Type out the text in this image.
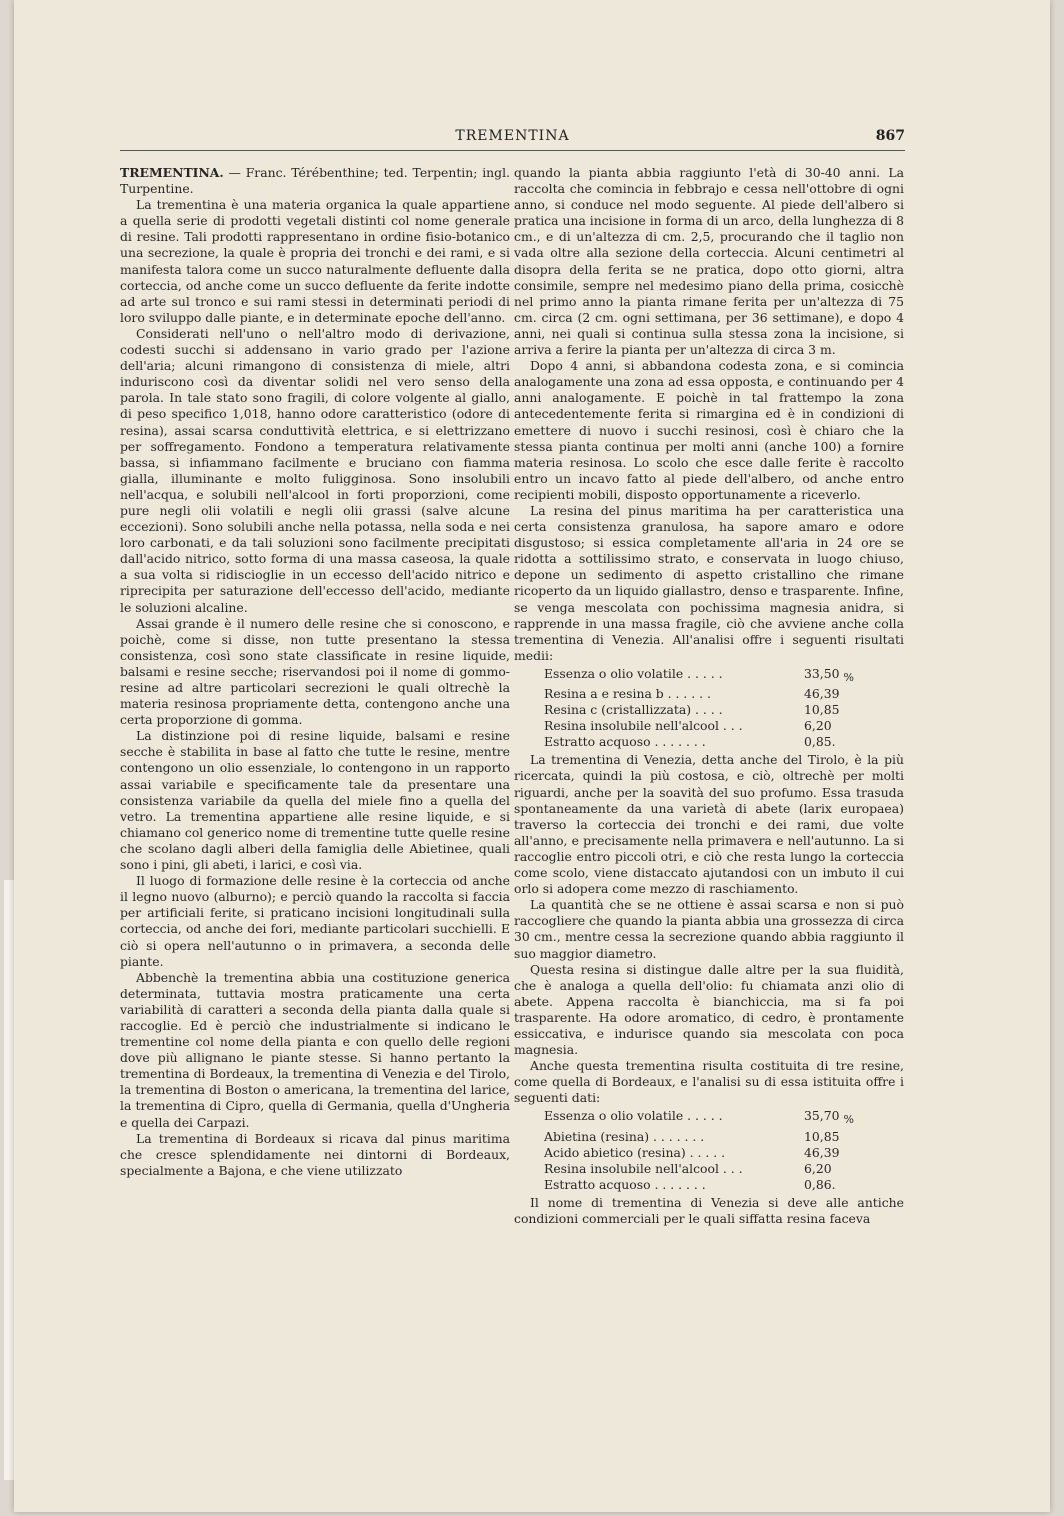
TREMENTINA	867

TREMENTINA. — Franc. Térébenthine; ted. Terpentin; ingl. Turpentine.

La trementina è una materia organica la quale appartiene a quella serie di prodotti vegetali distinti col nome generale di resine. Tali prodotti rappresentano in ordine fisio-botanico una secrezione, la quale è propria dei tronchi e dei rami, e si manifesta talora come un succo naturalmente defluente dalla corteccia, od anche come un succo defluente da ferite indotte ad arte sul tronco e sui rami stessi in determinati periodi di loro sviluppo dalle piante, e in determinate epoche dell'anno.

Considerati nell'uno o nell'altro modo di derivazione, codesti succhi si addensano in vario grado per l'azione dell'aria; alcuni rimangono di consistenza di miele, altri induriscono così da diventar solidi nel vero senso della parola. In tale stato sono fragili, di colore volgente al giallo, di peso specifico 1,018, hanno odore caratteristico (odore di resina), assai scarsa conduttività elettrica, e si elettrizzano per soffregamento. Fondono a temperatura relativamente bassa, si infiammano facilmente e bruciano con fiamma gialla, illuminante e molto fuligginosa. Sono insolubili nell'acqua, e solubili nell'alcool in forti proporzioni, come pure negli olii volatili e negli olii grassi (salve alcune eccezioni). Sono solubili anche nella potassa, nella soda e nei loro carbonati, e da tali soluzioni sono facilmente precipitati dall'acido nitrico, sotto forma di una massa caseosa, la quale a sua volta si ridiscioglie in un eccesso dell'acido nitrico e riprecipita per saturazione dell'eccesso dell'acido, mediante le soluzioni alcaline.

Assai grande è il numero delle resine che si conoscono, e poichè, come si disse, non tutte presentano la stessa consistenza, così sono state classificate in resine liquide, balsami e resine secche; riservandosi poi il nome di gommo-resine ad altre particolari secrezioni le quali oltrechè la materia resinosa propriamente detta, contengono anche una certa proporzione di gomma.

La distinzione poi di resine liquide, balsami e resine secche è stabilita in base al fatto che tutte le resine, mentre contengono un olio essenziale, lo contengono in un rapporto assai variabile e specificamente tale da presentare una consistenza variabile da quella del miele fino a quella del vetro. La trementina appartiene alle resine liquide, e si chiamano col generico nome di trementine tutte quelle resine che scolano dagli alberi della famiglia delle Abietinee, quali sono i pini, gli abeti, i larici, e così via.

Il luogo di formazione delle resine è la corteccia od anche il legno nuovo (alburno); e perciò quando la raccolta si faccia per artificiali ferite, si praticano incisioni longitudinali sulla corteccia, od anche dei fori, mediante particolari succhielli. E ciò si opera nell'autunno o in primavera, a seconda delle piante.

Abbenchè la trementina abbia una costituzione generica determinata, tuttavia mostra praticamente una certa variabilità di caratteri a seconda della pianta dalla quale si raccoglie. Ed è perciò che industrialmente si indicano le trementine col nome della pianta e con quello delle regioni dove più allignano le piante stesse. Si hanno pertanto la trementina di Bordeaux, la trementina di Venezia e del Tirolo, la trementina di Boston o americana, la trementina del larice, la trementina di Cipro, quella di Germania, quella d'Ungheria e quella dei Carpazi.

La trementina di Bordeaux si ricava dal pinus maritima che cresce splendidamente nei dintorni di Bordeaux, specialmente a Bajona, e che viene utilizzato

quando la pianta abbia raggiunto l'età di 30-40 anni. La raccolta che comincia in febbrajo e cessa nell'ottobre di ogni anno, si conduce nel modo seguente. Al piede dell'albero si pratica una incisione in forma di un arco, della lunghezza di 8 cm., e di un'altezza di cm. 2,5, procurando che il taglio non vada oltre alla sezione della corteccia. Alcuni centimetri al disopra della ferita se ne pratica, dopo otto giorni, altra consimile, sempre nel medesimo piano della prima, cosicchè nel primo anno la pianta rimane ferita per un'altezza di 75 cm. circa (2 cm. ogni settimana, per 36 settimane), e dopo 4 anni, nei quali si continua sulla stessa zona la incisione, si arriva a ferire la pianta per un'altezza di circa 3 m.

Dopo 4 anni, si abbandona codesta zona, e si comincia analogamente una zona ad essa opposta, e continuando per 4 anni analogamente. E poichè in tal frattempo la zona antecedentemente ferita si rimargina ed è in condizioni di emettere di nuovo i succhi resinosi, così è chiaro che la stessa pianta continua per molti anni (anche 100) a fornire materia resinosa. Lo scolo che esce dalle ferite è raccolto entro un incavo fatto al piede dell'albero, od anche entro recipienti mobili, disposto opportunamente a riceverlo.

La resina del pinus maritima ha per caratteristica una certa consistenza granulosa, ha sapore amaro e odore disgustoso; si essica completamente all'aria in 24 ore se ridotta a sottilissimo strato, e conservata in luogo chiuso, depone un sedimento di aspetto cristallino che rimane ricoperto da un liquido giallastro, denso e trasparente. Infine, se venga mescolata con pochissima magnesia anidra, si rapprende in una massa fragile, ciò che avviene anche colla trementina di Venezia. All'analisi offre i seguenti risultati medii:

Essenza o olio volatile . . . . .	33,50 %
Resina a e resina b . . . . . .	46,39
Resina c (cristallizzata) . . . .	10,85
Resina insolubile nell'alcool . . .	6,20
Estratto acquoso . . . . . . .	0,85.

La trementina di Venezia, detta anche del Tirolo, è la più ricercata, quindi la più costosa, e ciò, oltrechè per molti riguardi, anche per la soavità del suo profumo. Essa trasuda spontaneamente da una varietà di abete (larix europaea) traverso la corteccia dei tronchi e dei rami, due volte all'anno, e precisamente nella primavera e nell'autunno. La si raccoglie entro piccoli otri, e ciò che resta lungo la corteccia come scolo, viene distaccato ajutandosi con un imbuto il cui orlo si adopera come mezzo di raschiamento.

La quantità che se ne ottiene è assai scarsa e non si può raccogliere che quando la pianta abbia una grossezza di circa 30 cm., mentre cessa la secrezione quando abbia raggiunto il suo maggior diametro.

Questa resina si distingue dalle altre per la sua fluidità, che è analoga a quella dell'olio: fu chiamata anzi olio di abete. Appena raccolta è bianchiccia, ma si fa poi trasparente. Ha odore aromatico, di cedro, è prontamente essiccativa, e indurisce quando sia mescolata con poca magnesia.

Anche questa trementina risulta costituita di tre resine, come quella di Bordeaux, e l'analisi su di essa istituita offre i seguenti dati:

Essenza o olio volatile . . . . .	35,70 %
Abietina (resina) . . . . . . .	10,85
Acido abietico (resina) . . . . .	46,39
Resina insolubile nell'alcool . . .	6,20
Estratto acquoso . . . . . . .	0,86.

Il nome di trementina di Venezia si deve alle antiche condizioni commerciali per le quali siffatta resina faceva
